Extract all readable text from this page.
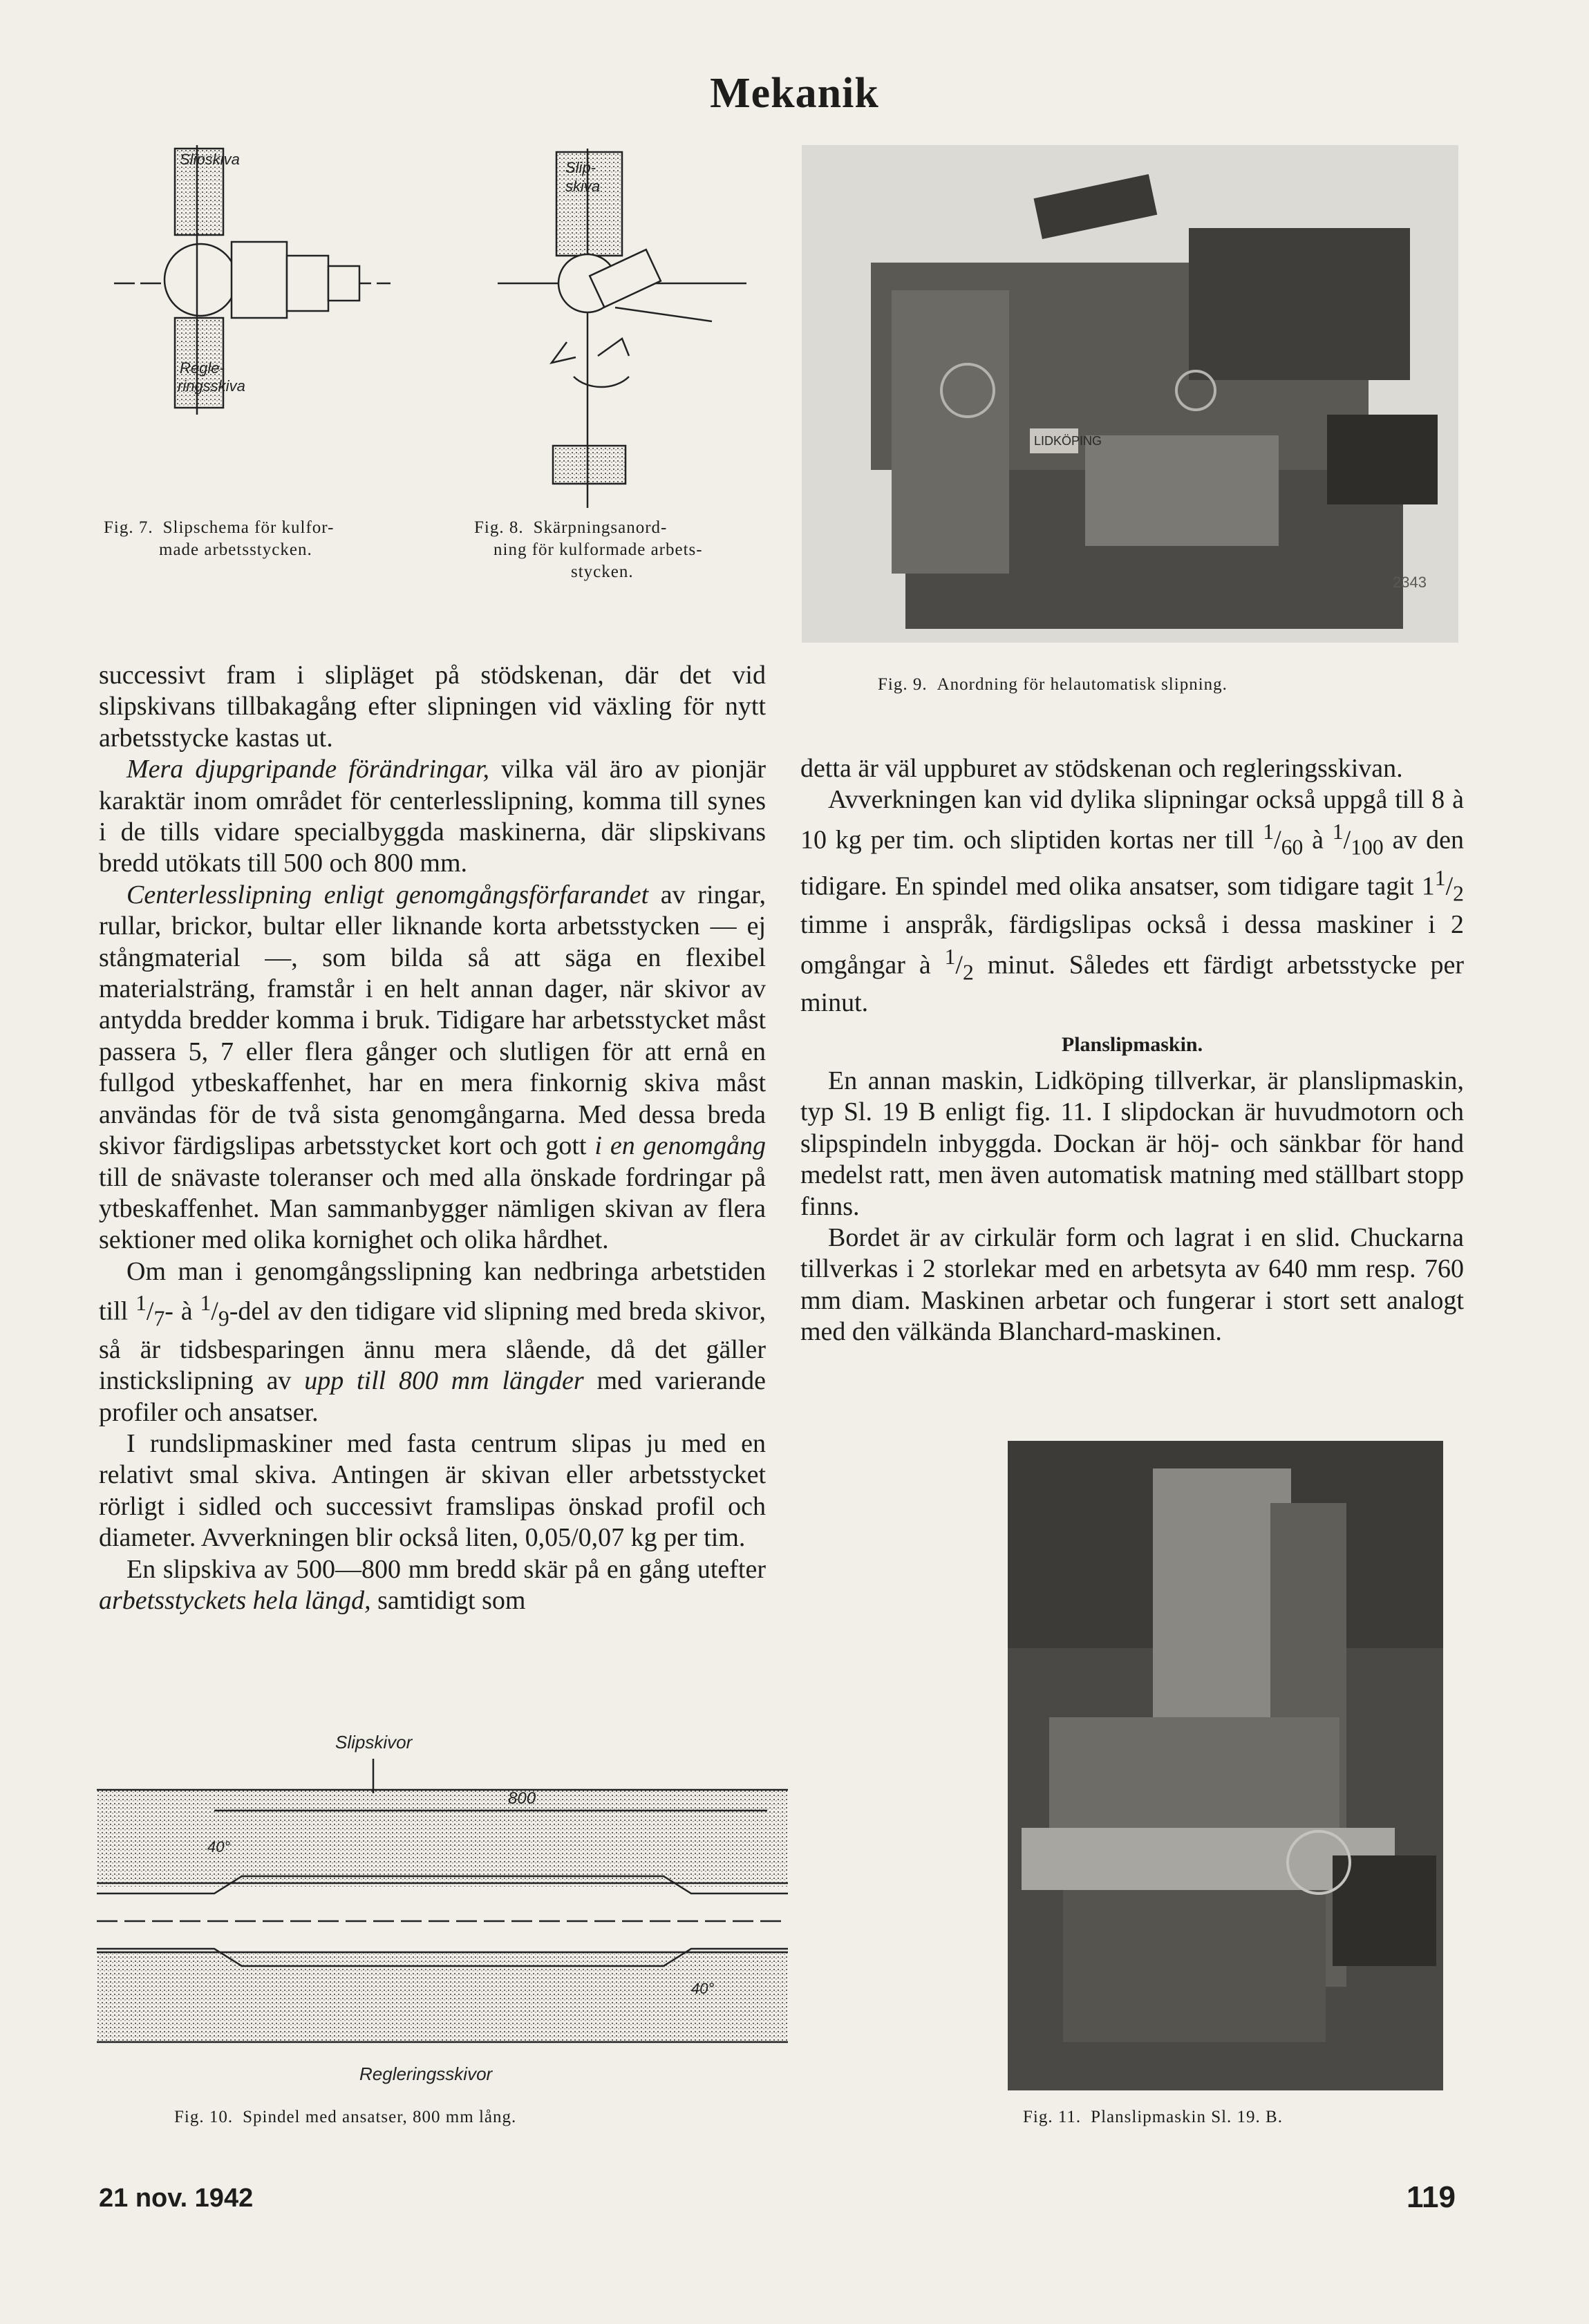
Mekanik
Slipskiva
Regle-
ringsskiva
Fig. 7. Slipschema för kulfor-
made arbetsstycken.
Slip-
skiva
Fig. 8. Skärpningsanord-
ning för kulformade arbets-
stycken.
LIDKÖPING
2343
Fig. 9. Anordning för helautomatisk slipning.

successivt fram i slipläget på stödskenan, där det vid slipskivans tillbakagång efter slipningen vid växling för nytt arbetsstycke kastas ut.

Mera djupgripande förändringar, vilka väl äro av pionjär karaktär inom området för centerlesslipning, komma till synes i de tills vidare specialbyggda maskinerna, där slipskivans bredd utökats till 500 och 800 mm.

Centerlesslipning enligt genomgångsförfarandet av ringar, rullar, brickor, bultar eller liknande korta arbetsstycken — ej stångmaterial —, som bilda så att säga en flexibel materialsträng, framstår i en helt annan dager, när skivor av antydda bredder komma i bruk. Tidigare har arbetsstycket måst passera 5, 7 eller flera gånger och slutligen för att ernå en fullgod ytbeskaffenhet, har en mera finkornig skiva måst användas för de två sista genomgångarna. Med dessa breda skivor färdigslipas arbetsstycket kort och gott i en genomgång till de snävaste toleranser och med alla önskade fordringar på ytbeskaffenhet. Man sammanbygger nämligen skivan av flera sektioner med olika kornighet och olika hårdhet.

Om man i genomgångsslipning kan nedbringa arbetstiden till $^1/_7-$ à $^1/_9$-del av den tidigare vid slipning med breda skivor, så är tidsbesparingen ännu mera slående, då det gäller instickslipning av upp till 800 mm längder med varierande profiler och ansatser.

I rundslipmaskiner med fasta centrum slipas ju med en relativt smal skiva. Antingen är skivan eller arbetsstycket rörligt i sidled och successivt framslipas önskad profil och diameter. Avverkningen blir också liten, 0,05/0,07 kg per tim.

En slipskiva av 500—800 mm bredd skär på en gång utefter arbetsstyckets hela längd, samtidigt som

detta är väl uppburet av stödskenan och regleringsskivan.

Avverkningen kan vid dylika slipningar också uppgå till 8 à 10 kg per tim. och sliptiden kortas ner till $^1/_{60}$ à $^1/_{100}$ av den tidigare. En spindel med olika ansatser, som tidigare tagit $1^1/_2$ timme i anspråk, färdigslipas också i dessa maskiner i 2 omgångar à $^1/_2$ minut. Således ett färdigt arbetsstycke per minut.

Planslipmaskin.

En annan maskin, Lidköping tillverkar, är planslipmaskin, typ Sl. 19 B enligt fig. 11. I slipdockan är huvudmotorn och slipspindeln inbyggda. Dockan är höj- och sänkbar för hand medelst ratt, men även automatisk matning med ställbart stopp finns.

Bordet är av cirkulär form och lagrat i en slid. Chuckarna tillverkas i 2 storlekar med en arbetsyta av 640 mm resp. 760 mm diam. Maskinen arbetar och fungerar i stort sett analogt med den välkända Blanchard-maskinen.

Slipskivor
800
40°
40°
Regleringsskivor
Fig. 10. Spindel med ansatser, 800 mm lång.	Fig. 11. Planslipmaskin Sl. 19. B.
21 nov. 1942	119
